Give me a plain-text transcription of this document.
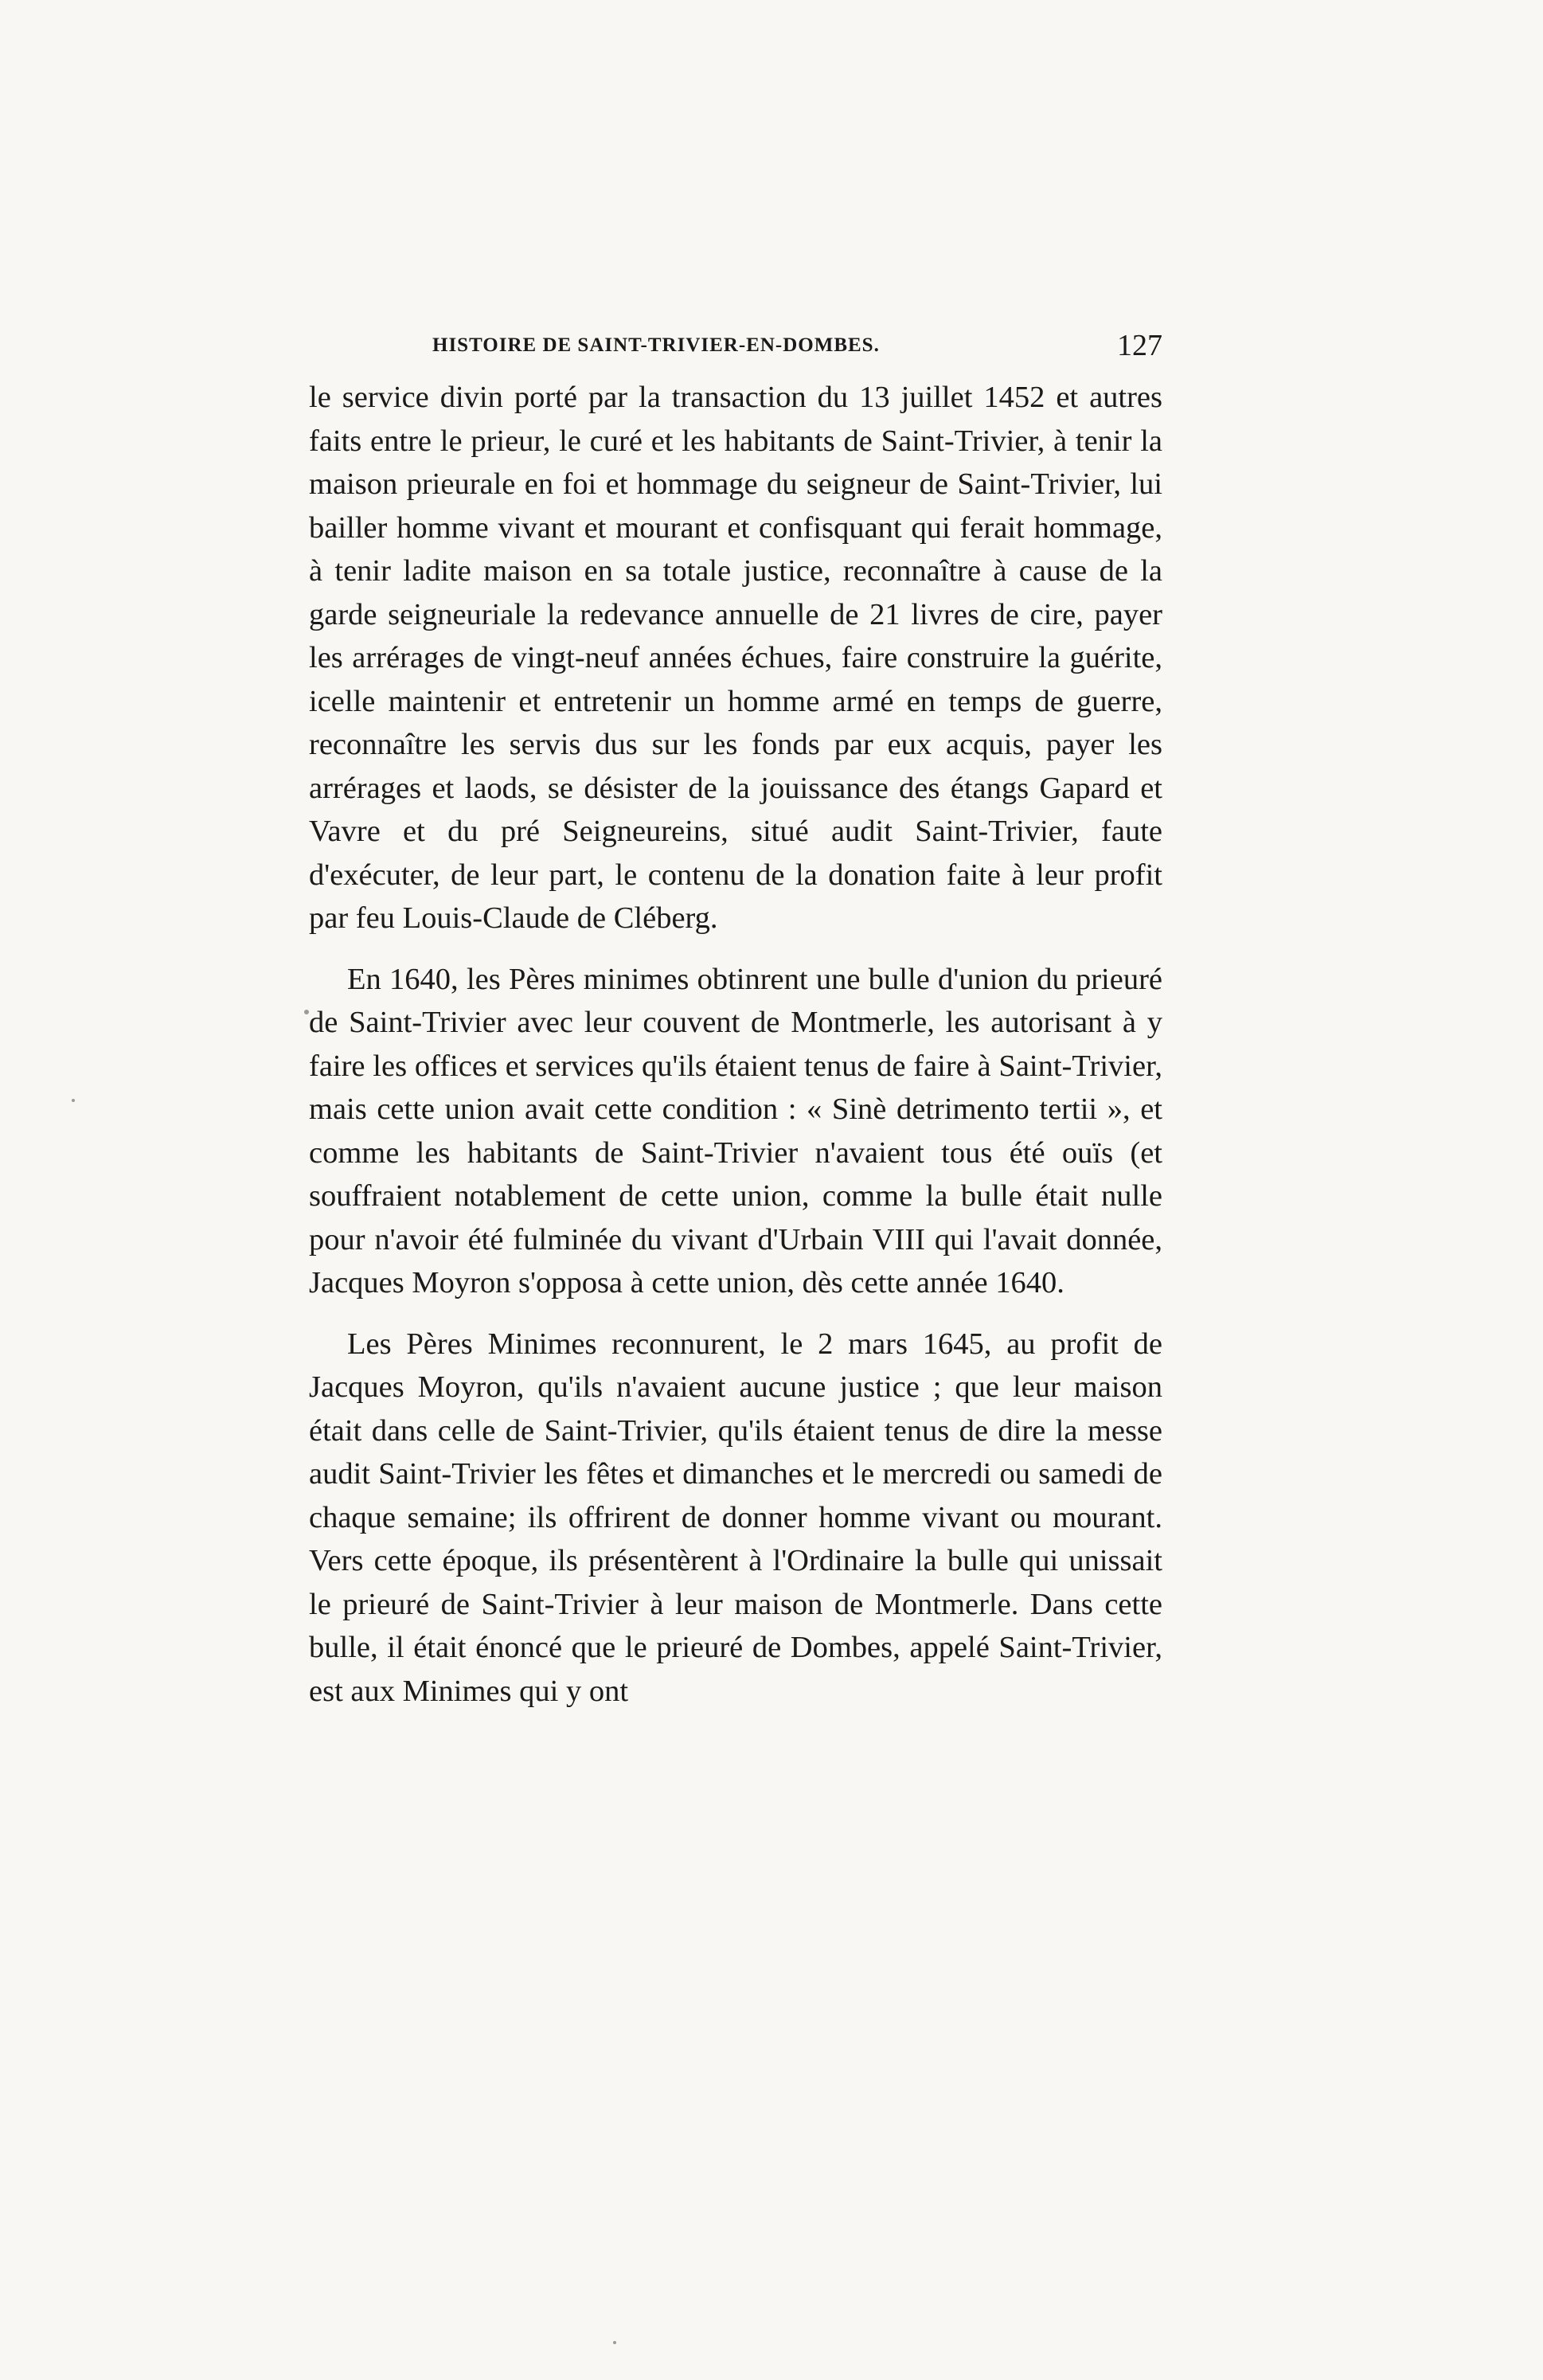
HISTOIRE DE SAINT-TRIVIER-EN-DOMBES.	127

le service divin porté par la transaction du 13 juillet 1452 et autres faits entre le prieur, le curé et les habitants de Saint-Trivier, à tenir la maison prieurale en foi et hommage du seigneur de Saint-Trivier, lui bailler homme vivant et mourant et confisquant qui ferait hommage, à tenir ladite maison en sa totale justice, reconnaître à cause de la garde seigneuriale la redevance annuelle de 21 livres de cire, payer les arrérages de vingt-neuf années échues, faire construire la guérite, icelle maintenir et entretenir un homme armé en temps de guerre, reconnaître les servis dus sur les fonds par eux acquis, payer les arrérages et laods, se désister de la jouissance des étangs Gapard et Vavre et du pré Seigneureins, situé audit Saint-Trivier, faute d'exécuter, de leur part, le contenu de la donation faite à leur profit par feu Louis-Claude de Cléberg.

En 1640, les Pères minimes obtinrent une bulle d'union du prieuré de Saint-Trivier avec leur couvent de Montmerle, les autorisant à y faire les offices et services qu'ils étaient tenus de faire à Saint-Trivier, mais cette union avait cette condition : « Sinè detrimento tertii », et comme les habitants de Saint-Trivier n'avaient tous été ouïs (et souffraient notablement de cette union, comme la bulle était nulle pour n'avoir été fulminée du vivant d'Urbain VIII qui l'avait donnée, Jacques Moyron s'opposa à cette union, dès cette année 1640.

Les Pères Minimes reconnurent, le 2 mars 1645, au profit de Jacques Moyron, qu'ils n'avaient aucune justice ; que leur maison était dans celle de Saint-Trivier, qu'ils étaient tenus de dire la messe audit Saint-Trivier les fêtes et dimanches et le mercredi ou samedi de chaque semaine; ils offrirent de donner homme vivant ou mourant. Vers cette époque, ils présentèrent à l'Ordinaire la bulle qui unissait le prieuré de Saint-Trivier à leur maison de Montmerle. Dans cette bulle, il était énoncé que le prieuré de Dombes, appelé Saint-Trivier, est aux Minimes qui y ont
